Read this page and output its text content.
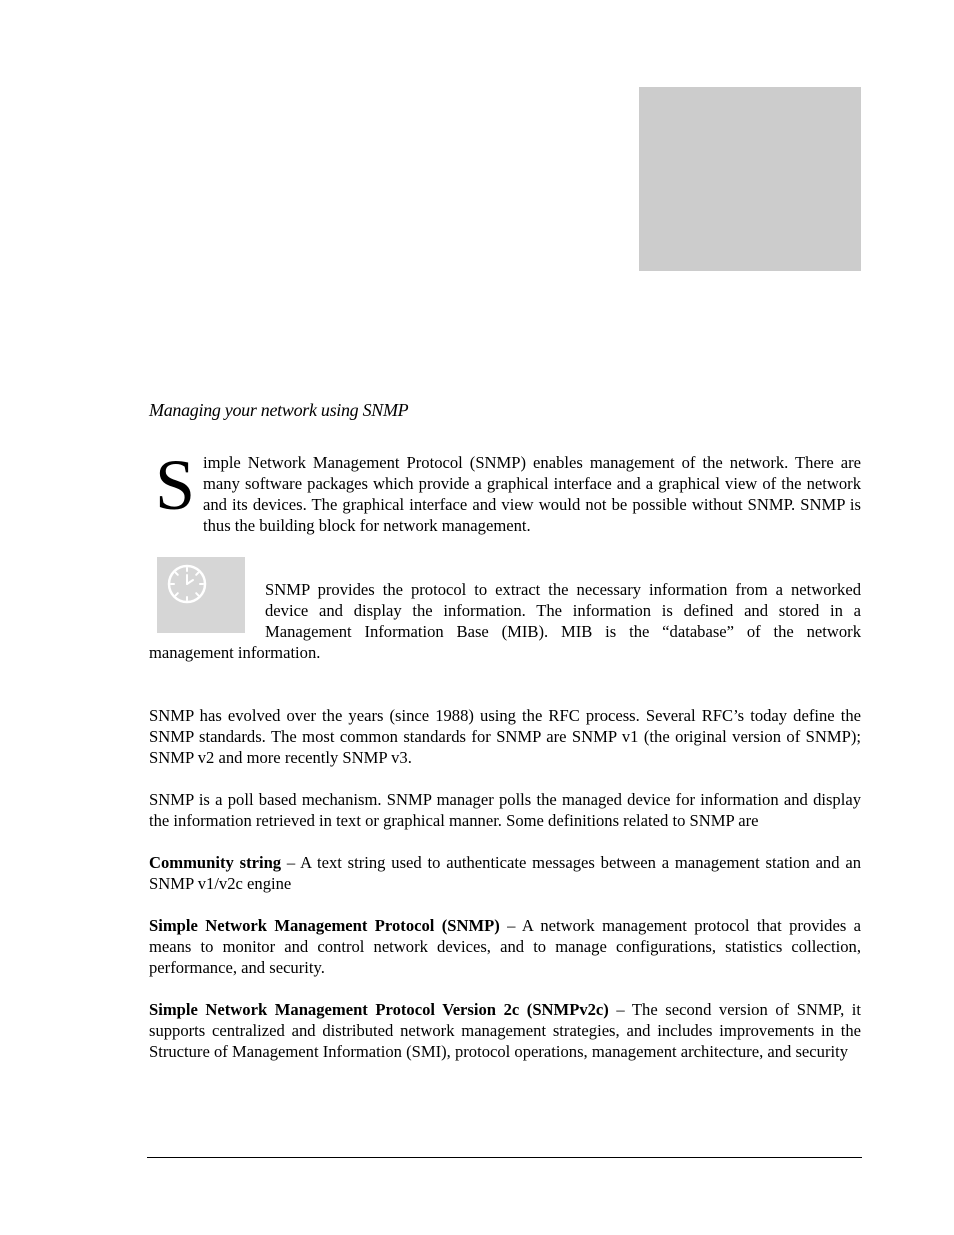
Managing your network using SNMP

S imple Network Management Protocol (SNMP) enables management of the network. There are many software packages which provide a graphical interface and a graphical view of the network and its devices. The graphical interface and view would not be possible without SNMP. SNMP is thus the building block for network management.

SNMP provides the protocol to extract the necessary information from a networked device and display the information. The information is defined and stored in a Management Information Base (MIB). MIB is the “database” of the network management information.

SNMP has evolved over the years (since 1988) using the RFC process. Several RFC’s today define the SNMP standards. The most common standards for SNMP are SNMP v1 (the original version of SNMP); SNMP v2 and more recently SNMP v3.

SNMP is a poll based mechanism. SNMP manager polls the managed device for information and display the information retrieved in text or graphical manner. Some definitions related to SNMP are

Community string – A text string used to authenticate messages between a management station and an SNMP v1/v2c engine

Simple Network Management Protocol (SNMP) – A network management protocol that provides a means to monitor and control network devices, and to manage configurations, statistics collection, performance, and security.

Simple Network Management Protocol Version 2c (SNMPv2c) – The second version of SNMP, it supports centralized and distributed network management strategies, and includes improvements in the Structure of Management Information (SMI), protocol operations, management architecture, and security
